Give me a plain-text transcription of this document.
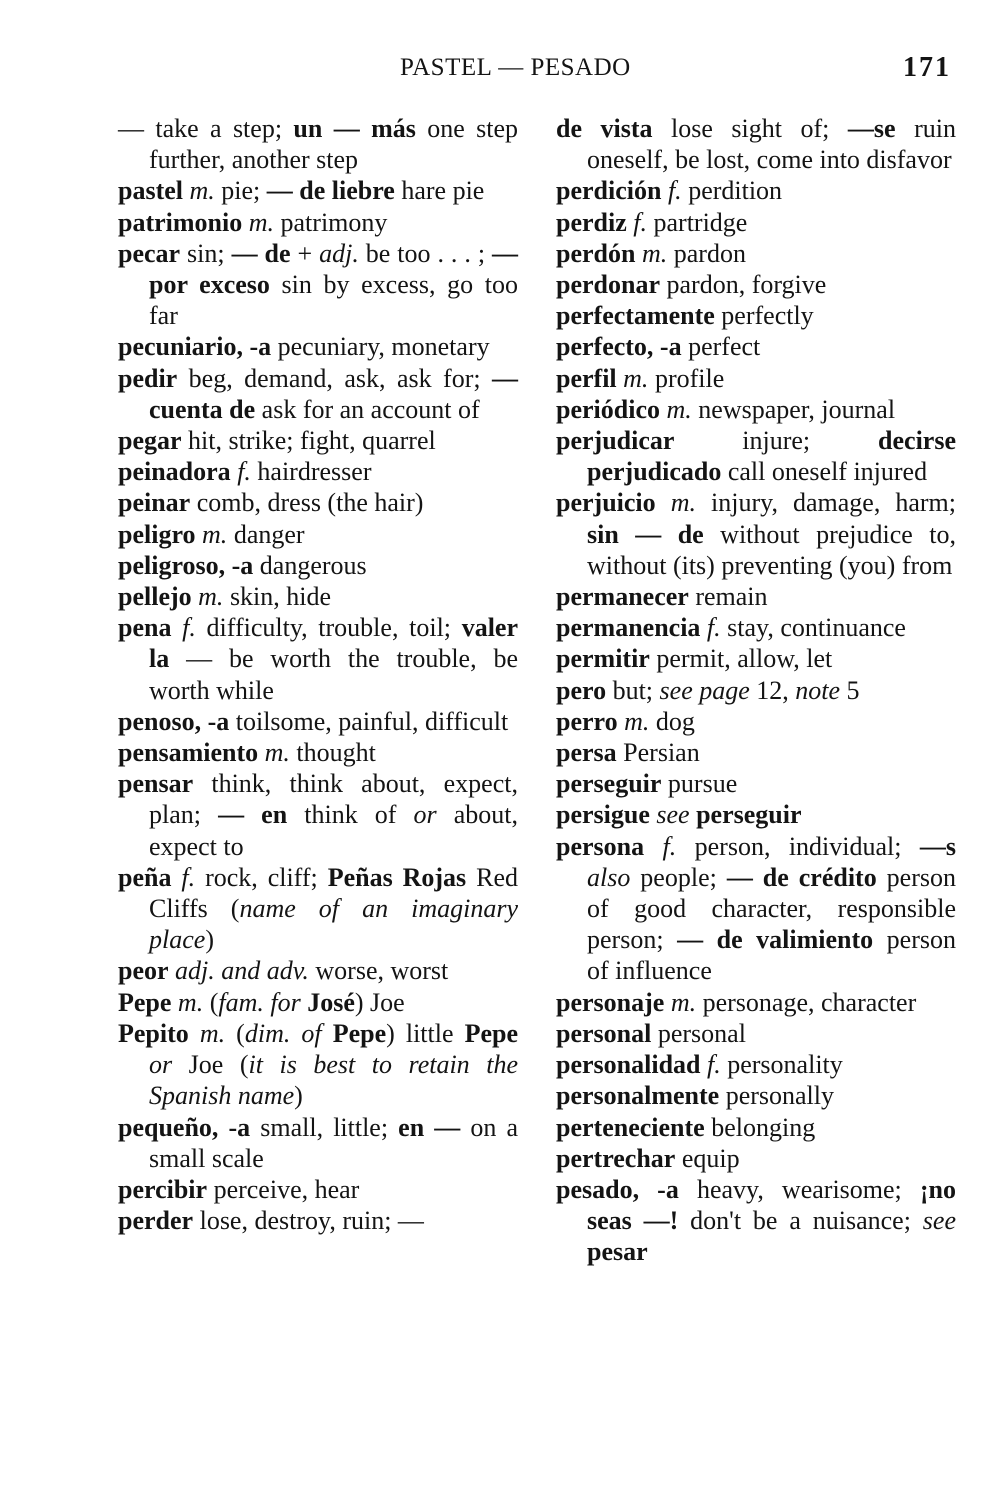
PASTEL — PESADO	171
— take a step; un — más one step further, another step
pastel m. pie; — de liebre hare pie
patrimonio m. patrimony
pecar sin; — de + adj. be too . . . ; — por exceso sin by excess, go too far
pecuniario, -a pecuniary, monetary
pedir beg, demand, ask, ask for; — cuenta de ask for an account of
pegar hit, strike; fight, quarrel
peinadora f. hairdresser
peinar comb, dress (the hair)
peligro m. danger
peligroso, -a dangerous
pellejo m. skin, hide
pena f. difficulty, trouble, toil; valer la — be worth the trouble, be worth while
penoso, -a toilsome, painful, difficult
pensamiento m. thought
pensar think, think about, expect, plan; — en think of or about, expect to
peña f. rock, cliff; Peñas Rojas Red Cliffs (name of an imaginary place)
peor adj. and adv. worse, worst
Pepe m. (fam. for José) Joe
Pepito m. (dim. of Pepe) little Pepe or Joe (it is best to retain the Spanish name)
pequeño, -a small, little; en — on a small scale
percibir perceive, hear
perder lose, destroy, ruin; —
de vista lose sight of; —se ruin oneself, be lost, come into disfavor
perdición f. perdition
perdiz f. partridge
perdón m. pardon
perdonar pardon, forgive
perfectamente perfectly
perfecto, -a perfect
perfil m. profile
periódico m. newspaper, journal
perjudicar injure; decirse perjudicado call oneself injured
perjuicio m. injury, damage, harm; sin — de without prejudice to, without (its) preventing (you) from
permanecer remain
permanencia f. stay, continuance
permitir permit, allow, let
pero but; see page 12, note 5
perro m. dog
persa Persian
perseguir pursue
persigue see perseguir
persona f. person, individual; —s also people; — de crédito person of good character, responsible person; — de valimiento person of influence
personaje m. personage, character
personal personal
personalidad f. personality
personalmente personally
perteneciente belonging
pertrechar equip
pesado, -a heavy, wearisome; ¡no seas —! don't be a nuisance; see pesar
